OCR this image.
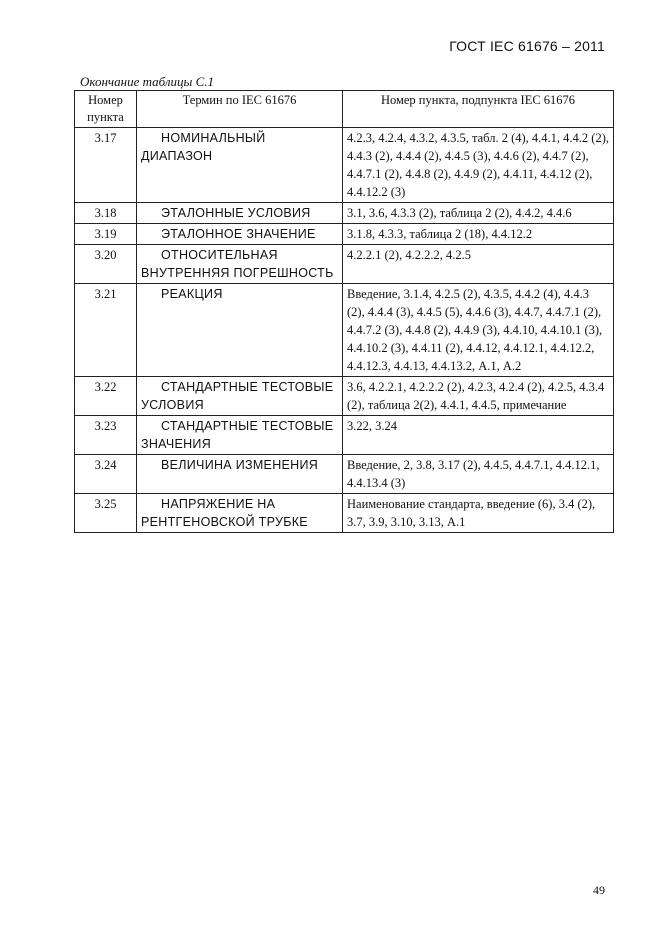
ГОСТ IEC 61676 – 2011
Окончание таблицы С.1
Номер пункта	Термин по IEC 61676	Номер пункта, подпункта IEC 61676
3.17	НОМИНАЛЬНЫЙ ДИАПАЗОН	4.2.3, 4.2.4, 4.3.2, 4.3.5, табл. 2 (4), 4.4.1, 4.4.2 (2), 4.4.3 (2), 4.4.4 (2), 4.4.5 (3), 4.4.6 (2), 4.4.7 (2), 4.4.7.1 (2), 4.4.8 (2), 4.4.9 (2), 4.4.11, 4.4.12 (2), 4.4.12.2 (3)
3.18	ЭТАЛОННЫЕ УСЛОВИЯ	3.1, 3.6, 4.3.3 (2), таблица 2 (2), 4.4.2, 4.4.6
3.19	ЭТАЛОННОЕ ЗНАЧЕНИЕ	3.1.8, 4.3.3, таблица 2 (18), 4.4.12.2
3.20	ОТНОСИТЕЛЬНАЯ ВНУТРЕННЯЯ ПОГРЕШНОСТЬ	4.2.2.1 (2), 4.2.2.2, 4.2.5
3.21	РЕАКЦИЯ	Введение, 3.1.4, 4.2.5 (2), 4.3.5, 4.4.2 (4), 4.4.3 (2), 4.4.4 (3), 4.4.5 (5), 4.4.6 (3), 4.4.7, 4.4.7.1 (2), 4.4.7.2 (3), 4.4.8 (2), 4.4.9 (3), 4.4.10, 4.4.10.1 (3), 4.4.10.2 (3), 4.4.11 (2), 4.4.12, 4.4.12.1, 4.4.12.2, 4.4.12.3, 4.4.13, 4.4.13.2, А.1, А.2
3.22	СТАНДАРТНЫЕ ТЕСТОВЫЕ УСЛОВИЯ	3.6, 4.2.2.1, 4.2.2.2 (2), 4.2.3, 4.2.4 (2), 4.2.5, 4.3.4 (2), таблица 2(2), 4.4.1, 4.4.5, примечание
3.23	СТАНДАРТНЫЕ ТЕСТОВЫЕ ЗНАЧЕНИЯ	3.22, 3.24
3.24	ВЕЛИЧИНА ИЗМЕНЕНИЯ	Введение, 2, 3.8, 3.17 (2), 4.4.5, 4.4.7.1, 4.4.12.1, 4.4.13.4 (3)
3.25	НАПРЯЖЕНИЕ НА РЕНТГЕНОВСКОЙ ТРУБКЕ	Наименование стандарта, введение (6), 3.4 (2), 3.7, 3.9, 3.10, 3.13, А.1
49
